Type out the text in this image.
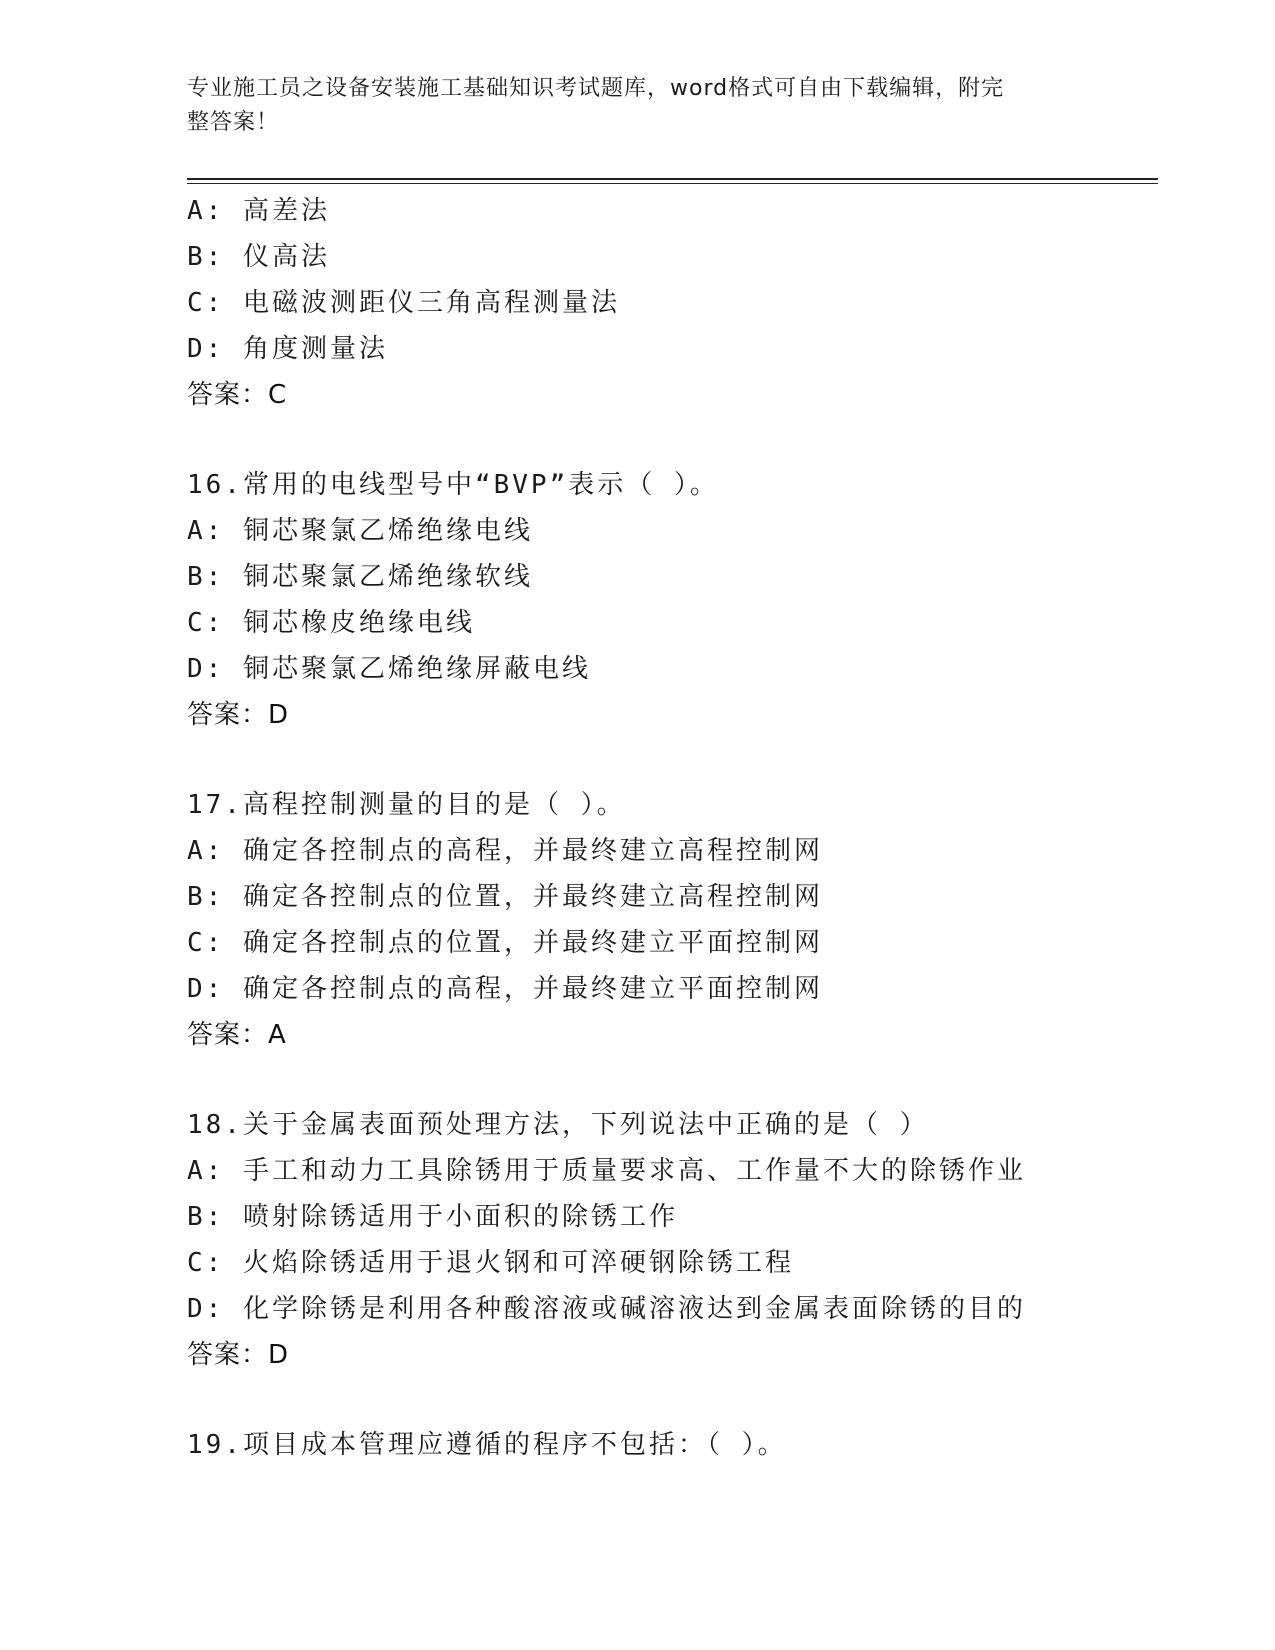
专业施工员之设备安装施工基础知识考试题库，word格式可自由下载编辑，附完
整答案！
A: 高差法
B: 仪高法
C: 电磁波测距仪三角高程测量法
D: 角度测量法
答案：C
16.常用的电线型号中“BVP”表示（ ）。
A: 铜芯聚氯乙烯绝缘电线
B: 铜芯聚氯乙烯绝缘软线
C: 铜芯橡皮绝缘电线
D: 铜芯聚氯乙烯绝缘屏蔽电线
答案：D
17.高程控制测量的目的是（ ）。
A: 确定各控制点的高程，并最终建立高程控制网
B: 确定各控制点的位置，并最终建立高程控制网
C: 确定各控制点的位置，并最终建立平面控制网
D: 确定各控制点的高程，并最终建立平面控制网
答案：A
18.关于金属表面预处理方法，下列说法中正确的是（ ）
A: 手工和动力工具除锈用于质量要求高、工作量不大的除锈作业
B: 喷射除锈适用于小面积的除锈工作
C: 火焰除锈适用于退火钢和可淬硬钢除锈工程
D: 化学除锈是利用各种酸溶液或碱溶液达到金属表面除锈的目的
答案：D
19.项目成本管理应遵循的程序不包括：（ ）。
